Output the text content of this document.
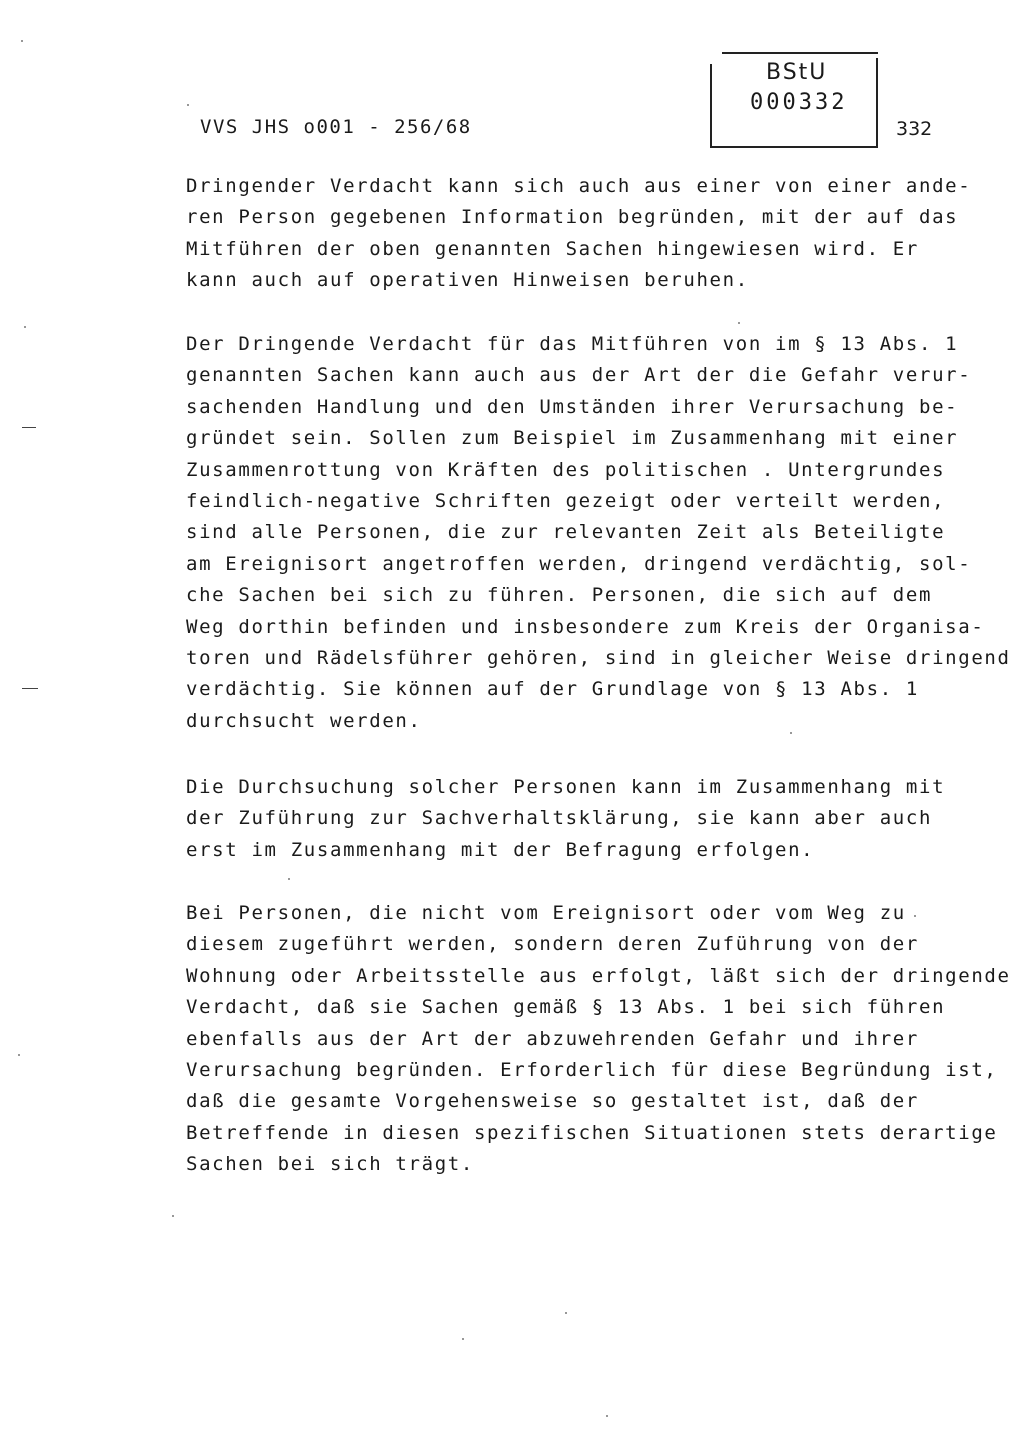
VVS JHS o001 - 256/68
BStU
000332
332
Dringender Verdacht kann sich auch aus einer von einer ande-
ren Person gegebenen Information begründen, mit der auf das
Mitführen der oben genannten Sachen hingewiesen wird. Er
kann auch auf operativen Hinweisen beruhen.
Der Dringende Verdacht für das Mitführen von im § 13 Abs. 1
genannten Sachen kann auch aus der Art der die Gefahr verur-
sachenden Handlung und den Umständen ihrer Verursachung be-
gründet sein. Sollen zum Beispiel im Zusammenhang mit einer
Zusammenrottung von Kräften des politischen . Untergrundes
feindlich-negative Schriften gezeigt oder verteilt werden,
sind alle Personen, die zur relevanten Zeit als Beteiligte
am Ereignisort angetroffen werden, dringend verdächtig, sol-
che Sachen bei sich zu führen. Personen, die sich auf dem
Weg dorthin befinden und insbesondere zum Kreis der Organisa-
toren und Rädelsführer gehören, sind in gleicher Weise dringend
verdächtig. Sie können auf der Grundlage von § 13 Abs. 1
durchsucht werden.
Die Durchsuchung solcher Personen kann im Zusammenhang mit
der Zuführung zur Sachverhaltsklärung, sie kann aber auch
erst im Zusammenhang mit der Befragung erfolgen.
Bei Personen, die nicht vom Ereignisort oder vom Weg zu
diesem zugeführt werden, sondern deren Zuführung von der
Wohnung oder Arbeitsstelle aus erfolgt, läßt sich der dringende
Verdacht, daß sie Sachen gemäß § 13 Abs. 1 bei sich führen
ebenfalls aus der Art der abzuwehrenden Gefahr und ihrer
Verursachung begründen. Erforderlich für diese Begründung ist,
daß die gesamte Vorgehensweise so gestaltet ist, daß der
Betreffende in diesen spezifischen Situationen stets derartige
Sachen bei sich trägt.
